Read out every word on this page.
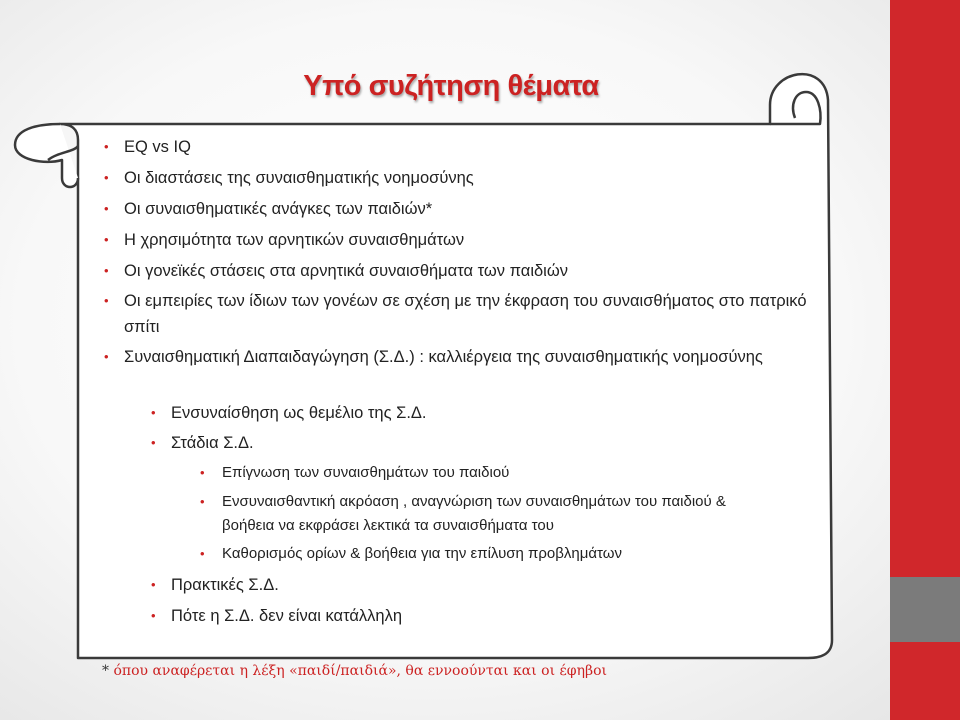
Υπό συζήτηση θέματα
• EQ vs IQ
• Οι διαστάσεις της συναισθηματικής νοημοσύνης
• Οι συναισθηματικές ανάγκες των παιδιών*
• Η χρησιμότητα των αρνητικών συναισθημάτων
• Οι γονεϊκές στάσεις στα αρνητικά συναισθήματα των παιδιών
• Οι εμπειρίες των ίδιων των γονέων σε σχέση με την έκφραση του συναισθήματος στο πατρικό σπίτι
• Συναισθηματική Διαπαιδαγώγηση (Σ.Δ.) : καλλιέργεια της συναισθηματικής νοημοσύνης
• Ενσυναίσθηση ως θεμέλιο της Σ.Δ.
• Στάδια Σ.Δ.
• Επίγνωση των συναισθημάτων του παιδιού
• Ενσυναισθαντική ακρόαση , αναγνώριση των συναισθημάτων του παιδιού & βοήθεια να εκφράσει λεκτικά τα συναισθήματα του
• Καθορισμός ορίων & βοήθεια για την επίλυση προβλημάτων
• Πρακτικές Σ.Δ.
• Πότε η Σ.Δ. δεν είναι κατάλληλη
* όπου αναφέρεται η λέξη «παιδί/παιδιά», θα εννοούνται και οι έφηβοι
